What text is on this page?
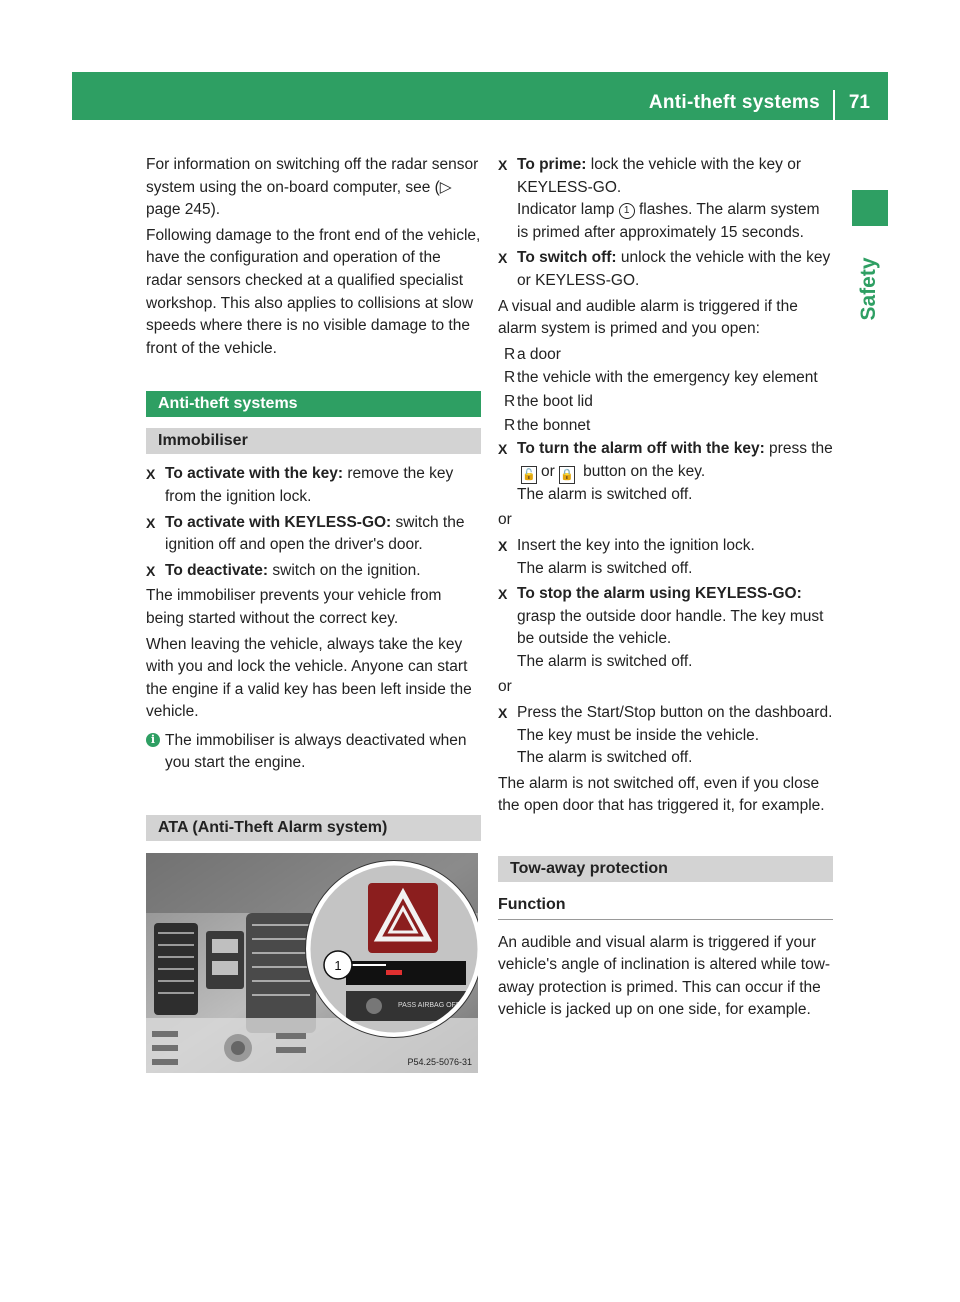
Anti-theft systems 71
Safety

For information on switching off the radar sensor system using the on-board computer, see (▷ page 245).

Following damage to the front end of the vehicle, have the configuration and operation of the radar sensors checked at a qualified specialist workshop. This also applies to collisions at slow speeds where there is no visible damage to the front of the vehicle.

Anti-theft systems
Immobiliser
X To activate with the key: remove the key from the ignition lock.
X To activate with KEYLESS-GO: switch the ignition off and open the driver's door.
X To deactivate: switch on the ignition.

The immobiliser prevents your vehicle from being started without the correct key.

When leaving the vehicle, always take the key with you and lock the vehicle. Anyone can start the engine if a valid key has been left inside the vehicle.

i The immobiliser is always deactivated when you start the engine.
ATA (Anti-Theft Alarm system)
PASS AIRBAG OFF
1
P54.25-5076-31
X To prime: lock the vehicle with the key or KEYLESS-GO.
Indicator lamp 1 flashes. The alarm system is primed after approximately 15 seconds.
X To switch off: unlock the vehicle with the key or KEYLESS-GO.

A visual and audible alarm is triggered if the alarm system is primed and you open:

R a door
R the vehicle with the emergency key element
R the boot lid
R the bonnet
X To turn the alarm off with the key: press the 🔓 or 🔒 button on the key.
The alarm is switched off.

or

X Insert the key into the ignition lock.
The alarm is switched off.
X To stop the alarm using KEYLESS-GO: grasp the outside door handle. The key must be outside the vehicle.
The alarm is switched off.

or

X Press the Start/Stop button on the dashboard. The key must be inside the vehicle.
The alarm is switched off.

The alarm is not switched off, even if you close the open door that has triggered it, for example.

Tow-away protection
Function

An audible and visual alarm is triggered if your vehicle's angle of inclination is altered while tow-away protection is primed. This can occur if the vehicle is jacked up on one side, for example.
